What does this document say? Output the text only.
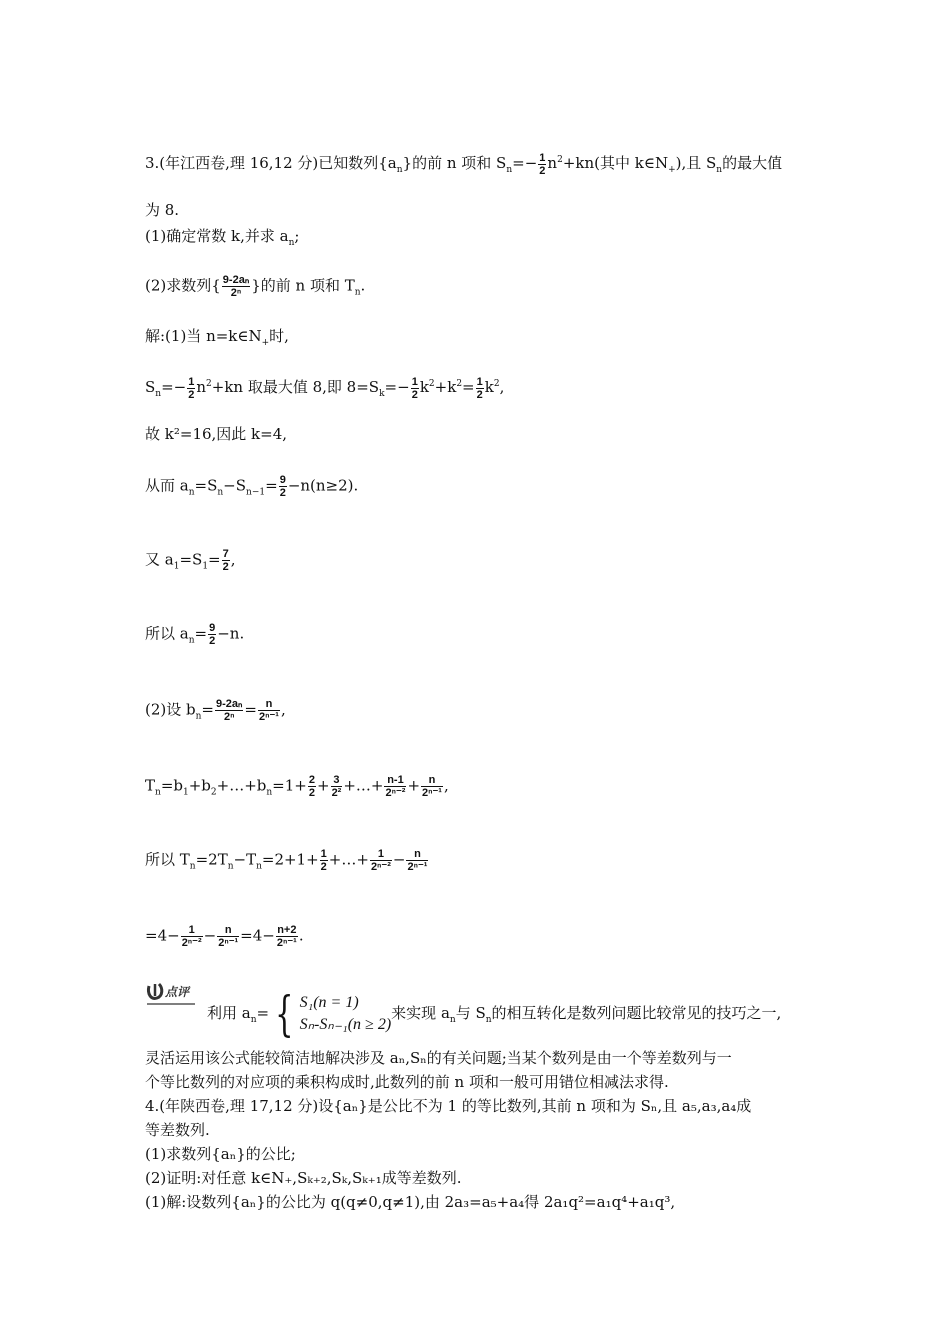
3.(年江西卷,理 16,12 分)已知数列$\{a_n\}$的前 n 项和 $S_n=- \frac{1}{2} n^2+kn$(其中 $k\in N_+$),且 $S_n$的最大值
为 8.
(1)确定常数 k,并求 $a_n$;
(2)求数列{ $\frac{\text{9-2aₙ}}{\text{2ⁿ}}$ }的前 n 项和 $T_n$.
解:(1)当 $n=k\in N_+$时,
$S_n=- \frac{1}{2} n^2+kn$ 取最大值 8,即 $8=S_k=- \frac{1}{2} k^2+k^2= \frac{1}{2} k^2$,
故 k²=16,因此 k=4,
从而 $a_n=S_n-S_{n-1}= \frac{9}{2} -n(n\ge 2)$.
又 $a_1=S_1= \frac{7}{2}$ ,
所以 $a_n= \frac{9}{2} -n$.
(2)设 $b_n= \frac{\text{9-2aₙ}}{\text{2ⁿ}} = \frac{n}{\text{2ⁿ⁻¹}}$ ,
$T_n=b_1+b_2+\dots+b_n=1+ \frac{2}{2} + \frac{3}{\text{2²}}$ +…+ $\frac{n-1}{\text{2ⁿ⁻²}} + \frac{n}{\text{2ⁿ⁻¹}}$ ,
所以 $T_n=2T_n-T_n=2+1+ \frac{1}{2}$ +…+ $\frac{1}{\text{2ⁿ⁻²}} - \frac{n}{\text{2ⁿ⁻¹}}$
$=4- \frac{1}{\text{2ⁿ⁻²}} - \frac{n}{\text{2ⁿ⁻¹}} =4- \frac{n+2}{\text{2ⁿ⁻¹}}$ .
点评
利用 $a_n=$ { S₁(n = 1)
Sₙ-Sₙ₋₁(n ≥ 2)
来实现 $a_n$与 $S_n$的相互转化是数列问题比较常见的技巧之一,
灵活运用该公式能较简洁地解决涉及 aₙ,Sₙ的有关问题;当某个数列是由一个等差数列与一
个等比数列的对应项的乘积构成时,此数列的前 n 项和一般可用错位相减法求得.
4.(年陕西卷,理 17,12 分)设{aₙ}是公比不为 1 的等比数列,其前 n 项和为 Sₙ,且 a₅,a₃,a₄成
等差数列.
(1)求数列{aₙ}的公比;
(2)证明:对任意 k∈N₊,Sₖ₊₂,Sₖ,Sₖ₊₁成等差数列.
(1)解:设数列{aₙ}的公比为 q(q≠0,q≠1),由 2a₃=a₅+a₄得 2a₁q²=a₁q⁴+a₁q³,
